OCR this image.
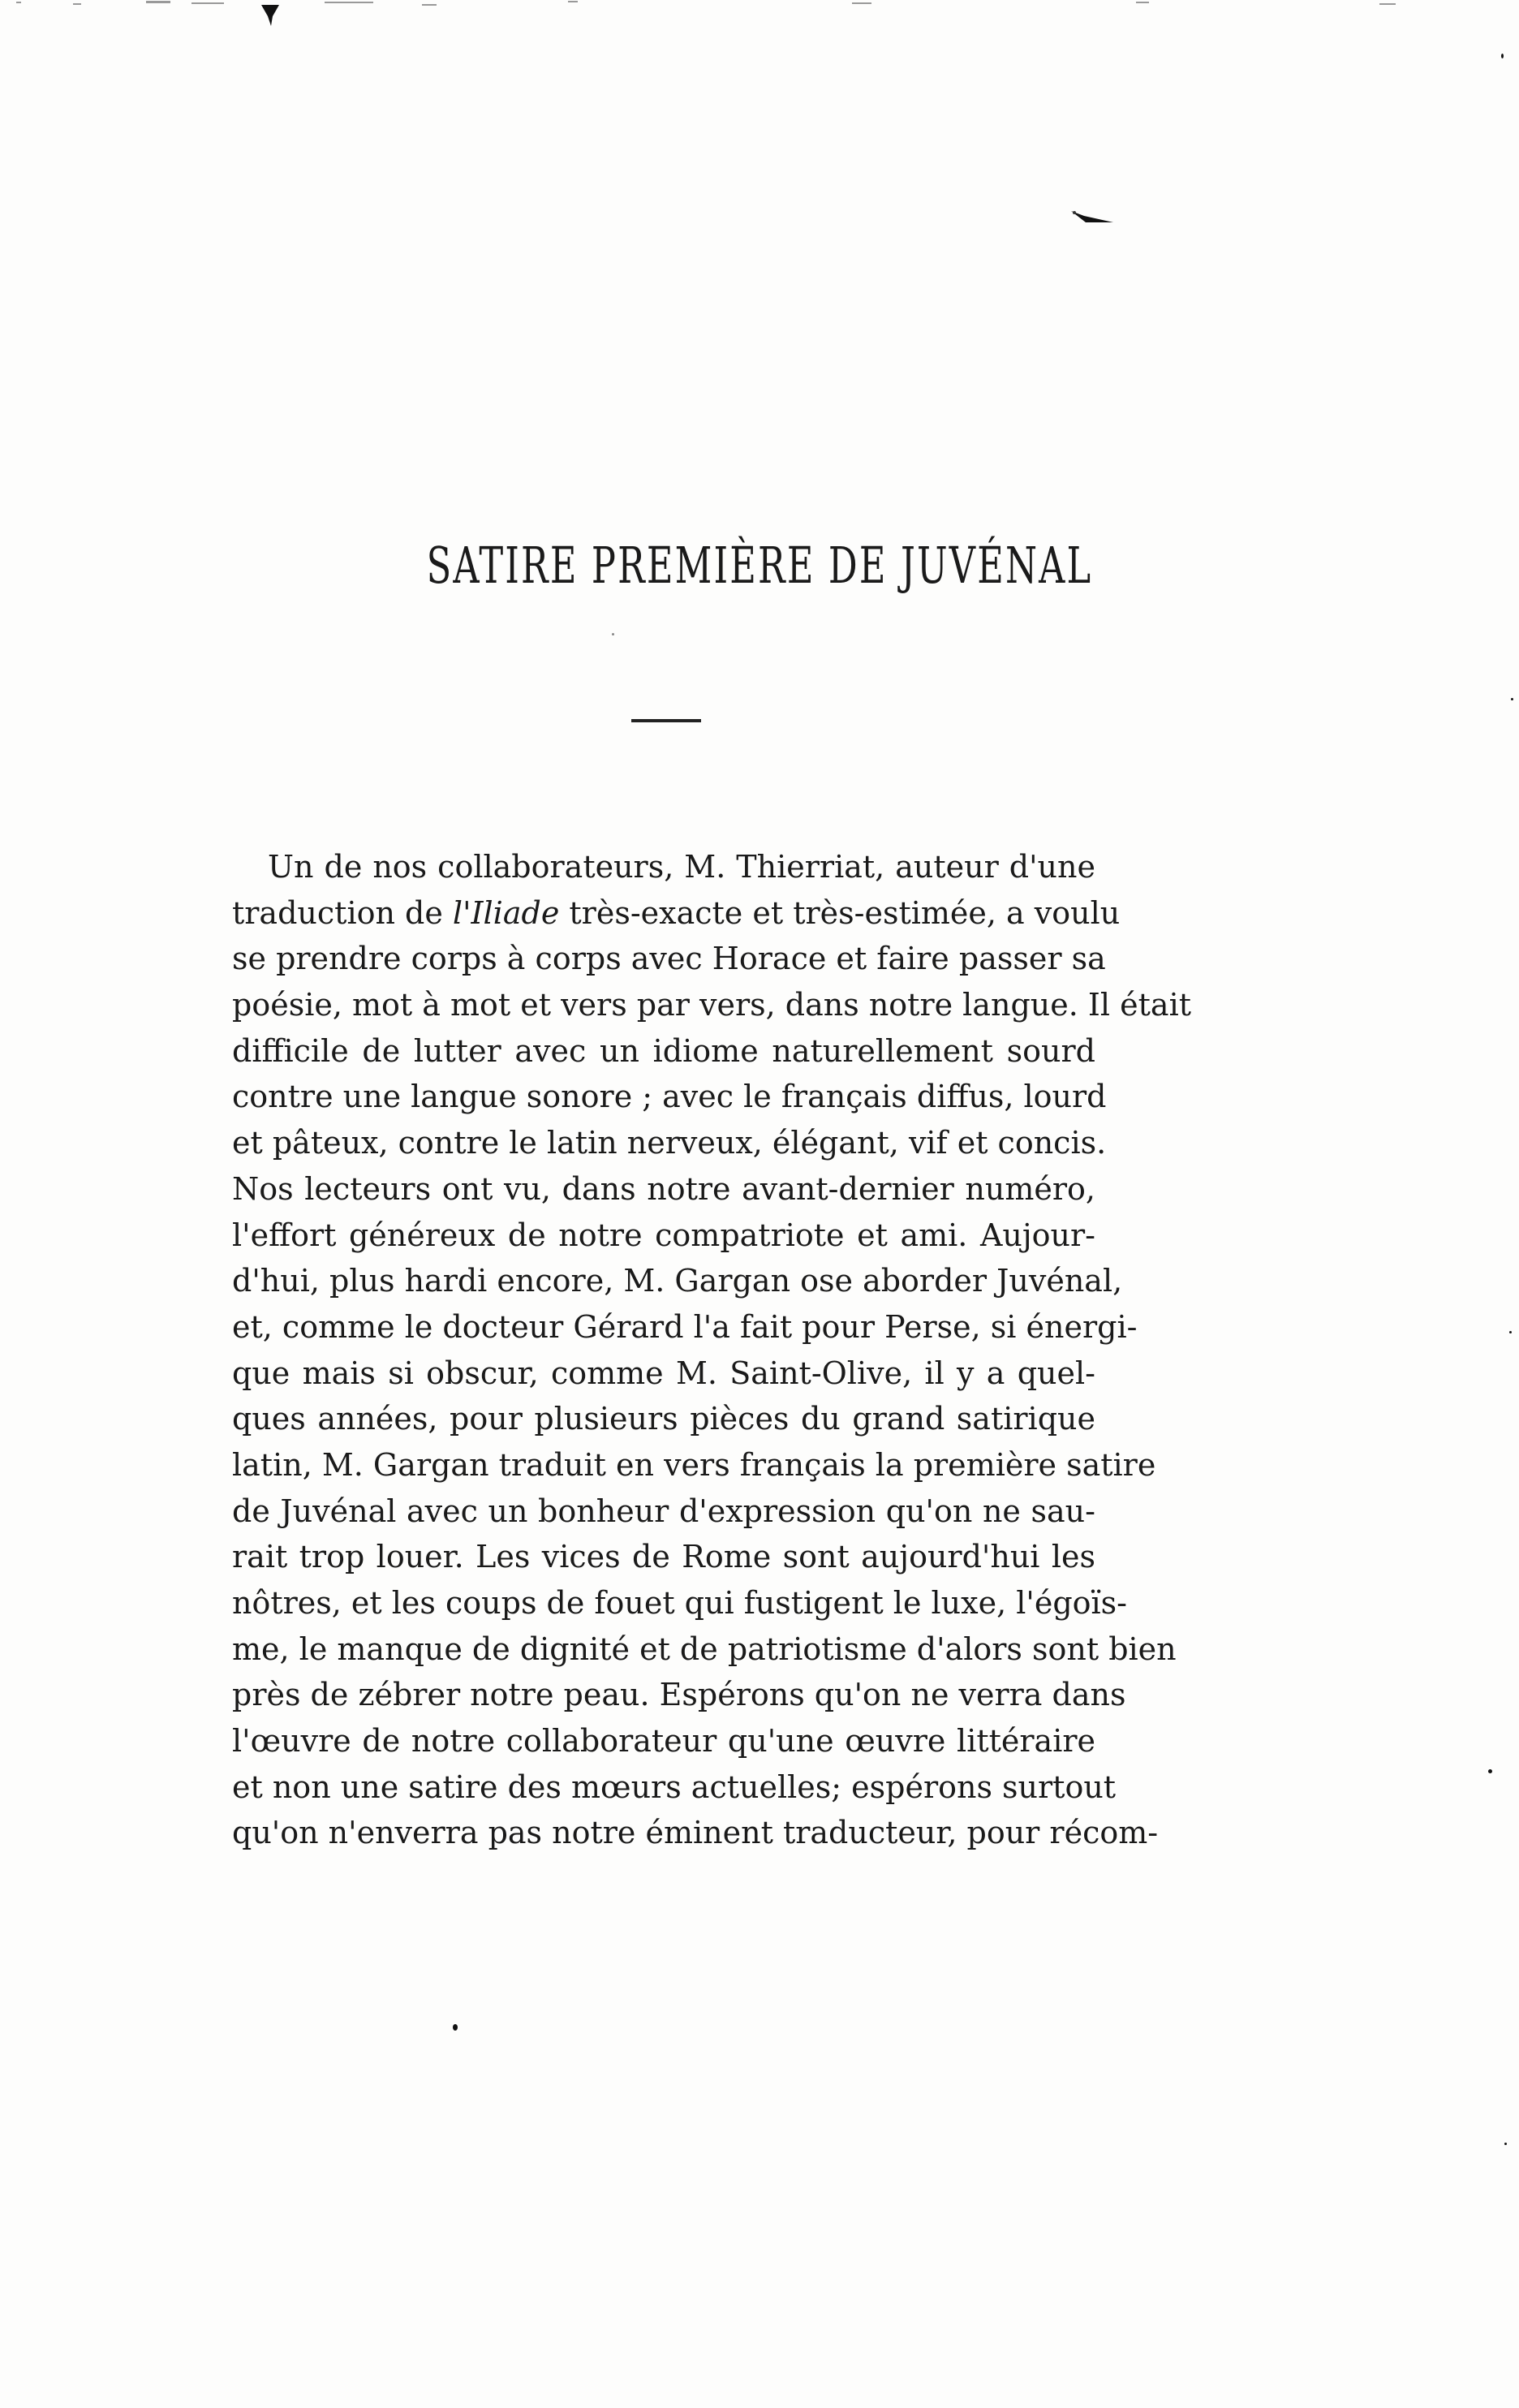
SATIRE PREMIÈRE DE JUVÉNAL
Un de nos collaborateurs, M. Thierriat, auteur d'une
traduction de l'Iliade très-exacte et très-estimée, a voulu
se prendre corps à corps avec Horace et faire passer sa
poésie, mot à mot et vers par vers, dans notre langue. Il était
difficile de lutter avec un idiome naturellement sourd
contre une langue sonore ; avec le français diffus, lourd
et pâteux, contre le latin nerveux, élégant, vif et concis.
Nos lecteurs ont vu, dans notre avant-dernier numéro,
l'effort généreux de notre compatriote et ami. Aujour-
d'hui, plus hardi encore, M. Gargan ose aborder Juvénal,
et, comme le docteur Gérard l'a fait pour Perse, si énergi-
que mais si obscur, comme M. Saint-Olive, il y a quel-
ques années, pour plusieurs pièces du grand satirique
latin, M. Gargan traduit en vers français la première satire
de Juvénal avec un bonheur d'expression qu'on ne sau-
rait trop louer. Les vices de Rome sont aujourd'hui les
nôtres, et les coups de fouet qui fustigent le luxe, l'égoïs-
me, le manque de dignité et de patriotisme d'alors sont bien
près de zébrer notre peau. Espérons qu'on ne verra dans
l'œuvre de notre collaborateur qu'une œuvre littéraire
et non une satire des mœurs actuelles; espérons surtout
qu'on n'enverra pas notre éminent traducteur, pour récom-
